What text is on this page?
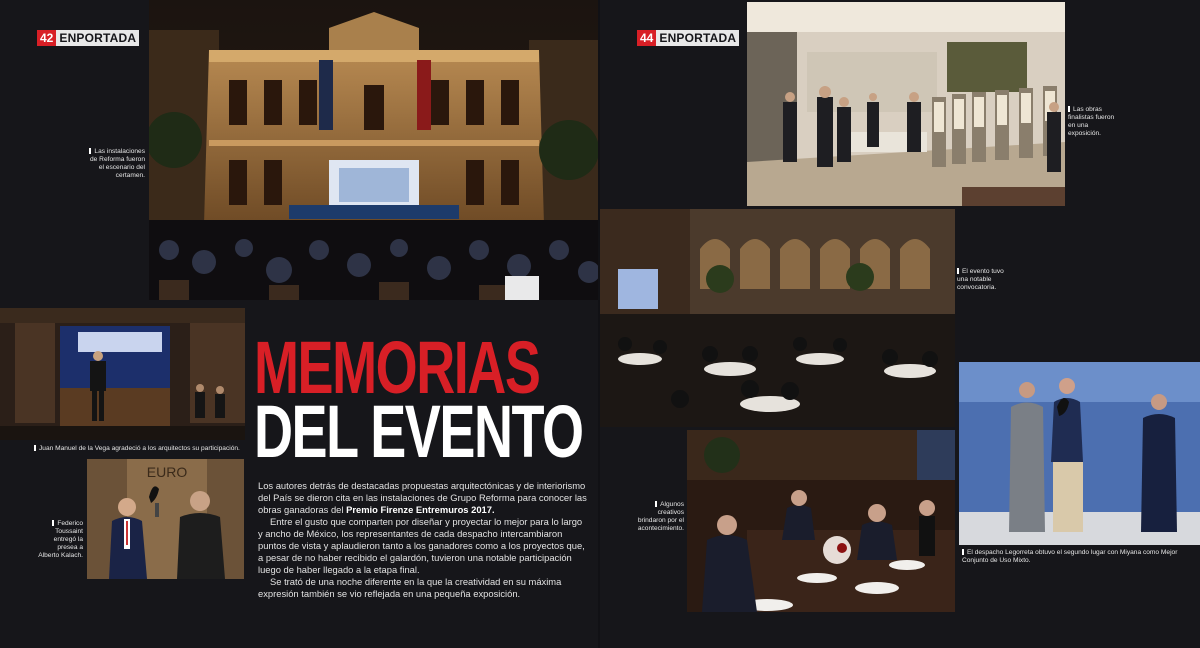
42 ENPORTADA
Las instalaciones de Reforma fueron el escenario del certamen.
Juan Manuel de la Vega agradeció a los arquitectos su participación.
EURO
Federico Toussaint entregó la presea a Alberto Kalach.
MEMORIAS
DEL EVENTO

Los autores detrás de destacadas propuestas arquitectónicas y de interiorismo del País se dieron cita en las instalaciones de Grupo Reforma para conocer las obras ganadoras del Premio Firenze Entremuros 2017.

Entre el gusto que comparten por diseñar y proyectar lo mejor para lo largo y ancho de México, los representantes de cada despacho intercambiaron puntos de vista y aplaudieron tanto a los ganadores como a los proyectos que, a pesar de no haber recibido el galardón, tuvieron una notable participación luego de haber llegado a la etapa final.

Se trató de una noche diferente en la que la creatividad en su máxima expresión también se vio reflejada en una pequeña exposición.

44 ENPORTADA
Las obras finalistas fueron en una exposición.
El evento tuvo una notable convocatoria.
Algunos creativos brindaron por el acontecimiento.
El despacho Legorreta obtuvo el segundo lugar con Miyana como Mejor Conjunto de Uso Mixto.
